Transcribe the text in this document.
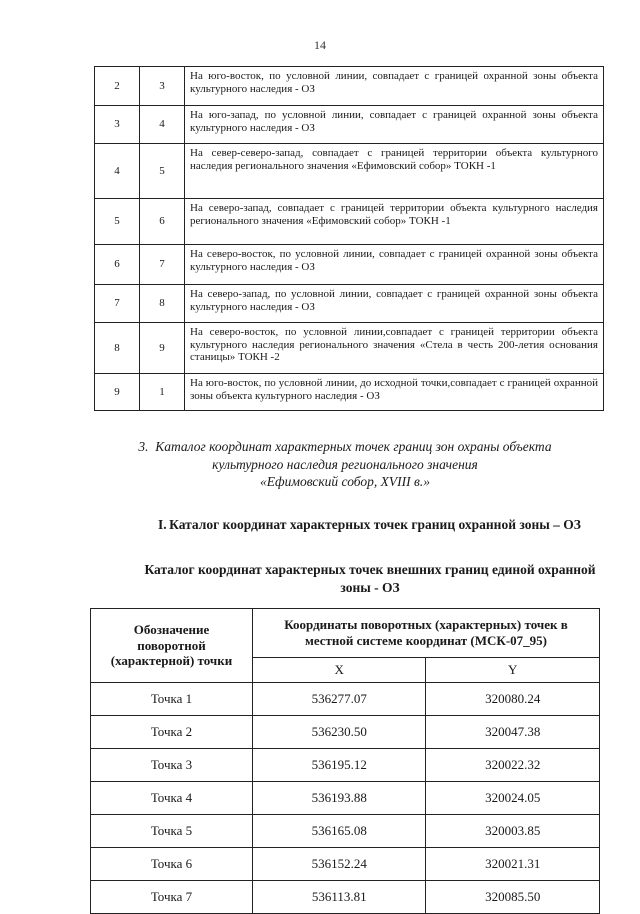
14
2	3	На юго-восток, по условной линии, совпадает с границей охранной зоны объекта культурного наследия - ОЗ
3	4	На юго-запад, по условной линии, совпадает с границей охранной зоны объекта культурного наследия - ОЗ
4	5	На север-северо-запад, совпадает с границей территории объекта культурного наследия регионального значения «Ефимовский собор» ТОКН -1
5	6	На северо-запад, совпадает с границей территории объекта культурного наследия регионального значения «Ефимовский собор» ТОКН -1
6	7	На северо-восток, по условной линии, совпадает с границей охранной зоны объекта культурного наследия - ОЗ
7	8	На северо-запад, по условной линии, совпадает с границей охранной зоны объекта культурного наследия - ОЗ
8	9	На северо-восток, по условной линии,совпадает с границей территории объекта культурного наследия регионального значения «Стела в честь 200-летия основания станицы» ТОКН -2
9	1	На юго-восток, по условной линии, до исходной точки,совпадает с границей охранной зоны объекта культурного наследия - ОЗ
3. Каталог координат характерных точек границ зон охраны объекта
культурного наследия регионального значения
«Ефимовский собор, XVIII в.»
I. Каталог координат характерных точек границ охранной зоны – ОЗ
Каталог координат характерных точек внешних границ единой охранной зоны - ОЗ
Обозначение поворотной (характерной) точки	Координаты поворотных (характерных) точек в местной системе координат (МСК-07_95)	
	X	Y
Точка 1	536277.07	320080.24
Точка 2	536230.50	320047.38
Точка 3	536195.12	320022.32
Точка 4	536193.88	320024.05
Точка 5	536165.08	320003.85
Точка 6	536152.24	320021.31
Точка 7	536113.81	320085.50
